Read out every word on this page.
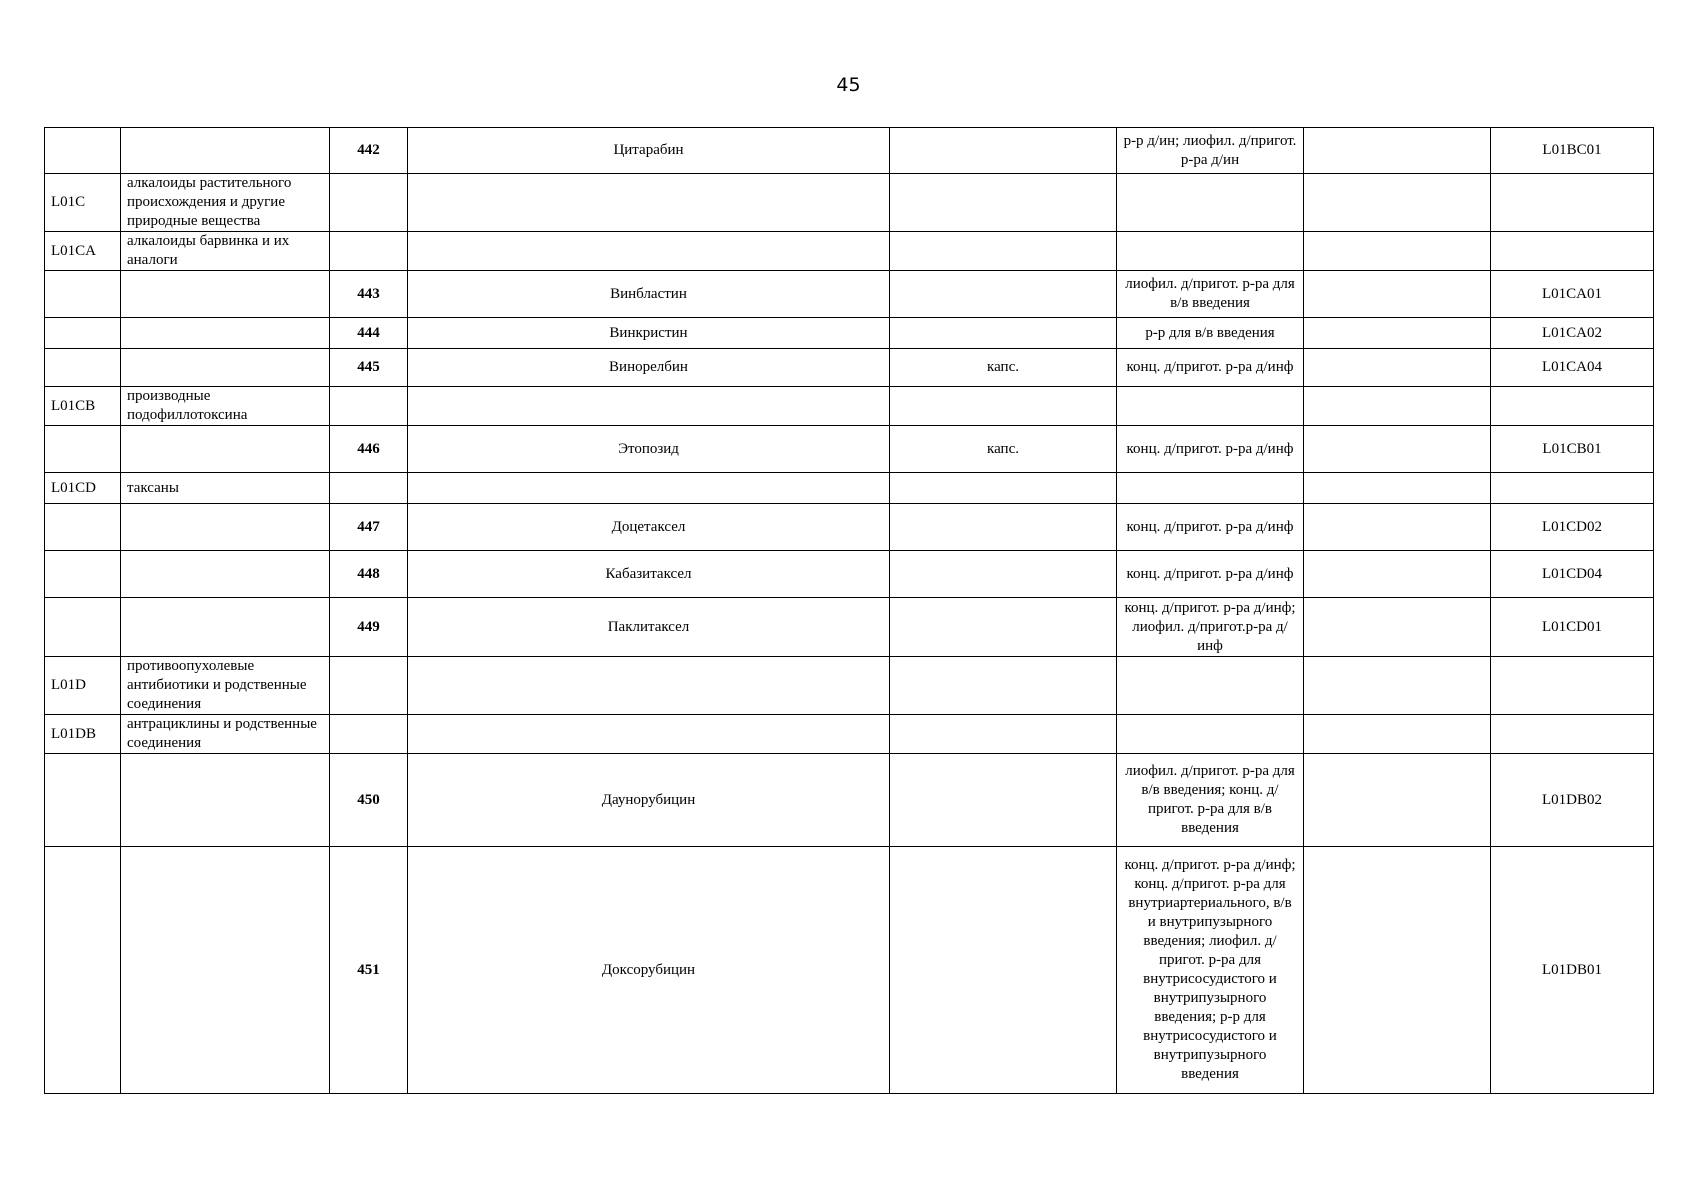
45
		442	Цитарабин		р-р д/ин; лиофил. д/пригот. р-ра д/ин		L01BC01
L01C	алкалоиды растительного происхождения и другие природные вещества						
L01CA	алкалоиды барвинка и их аналоги						
		443	Винбластин		лиофил. д/пригот. р-ра для в/в введения		L01CA01
		444	Винкристин		р-р для в/в введения		L01CA02
		445	Винорелбин	капс.	конц. д/пригот. р-ра д/инф		L01CA04
L01CB	производные подофиллотоксина						
		446	Этопозид	капс.	конц. д/пригот. р-ра д/инф		L01CB01
L01CD	таксаны						
		447	Доцетаксел		конц. д/пригот. р-ра д/инф		L01CD02
		448	Кабазитаксел		конц. д/пригот. р-ра д/инф		L01CD04
		449	Паклитаксел		конц. д/пригот. р-ра д/инф; лиофил. д/пригот.р-ра д/инф		L01CD01
L01D	противоопухолевые антибиотики и родственные соединения						
L01DB	антрациклины и родственные соединения						
		450	Даунорубицин		лиофил. д/пригот. р-ра для в/в введения; конц. д/пригот. р-ра для в/в введения		L01DB02
		451	Доксорубицин		конц. д/пригот. р-ра д/инф; конц. д/пригот. р-ра для внутриартериального, в/в и внутрипузырного введения; лиофил. д/пригот. р-ра для внутрисосудистого и внутрипузырного введения; р-р для внутрисосудистого и внутрипузырного введения		L01DB01
